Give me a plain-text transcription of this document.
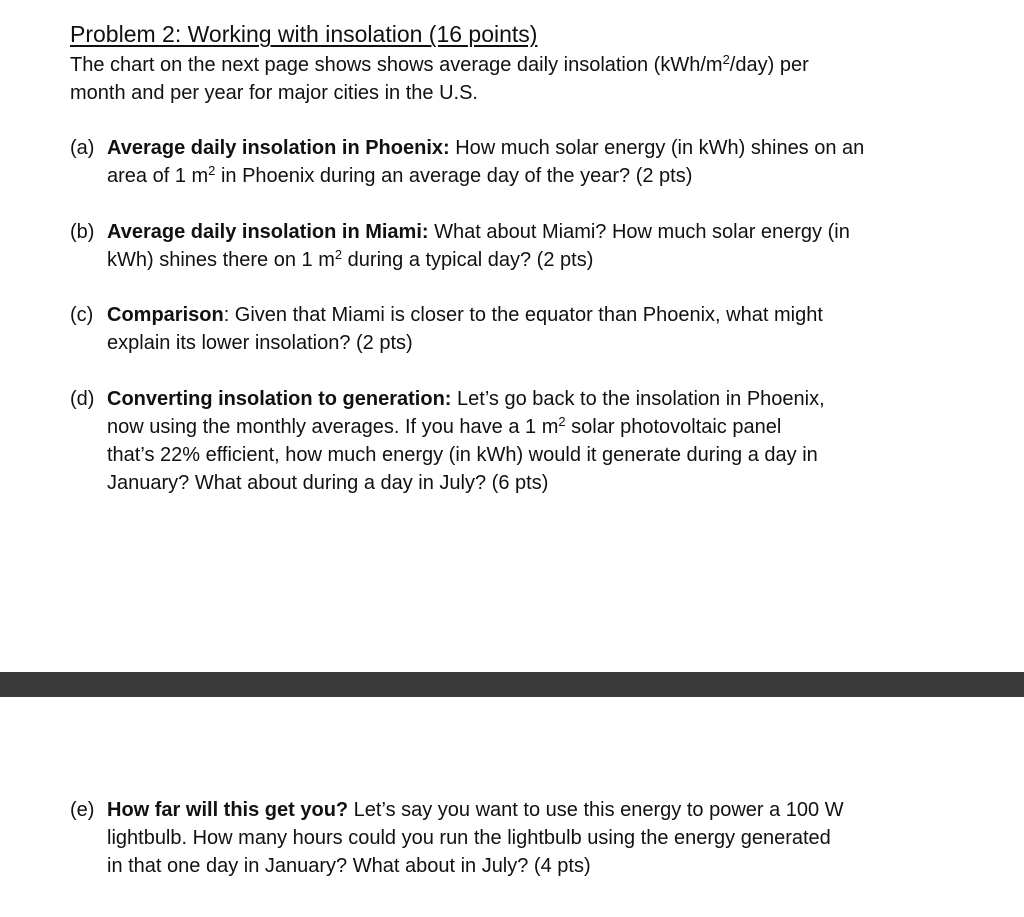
Problem 2: Working with insolation (16 points)
The chart on the next page shows shows average daily insolation $(kWh/m^2/day)$ per
month and per year for major cities in the U.S.
(a) Average daily insolation in Phoenix: How much solar energy (in kWh) shines on an
area of 1 $m^2$ in Phoenix during an average day of the year? (2 pts)
(b) Average daily insolation in Miami: What about Miami? How much solar energy (in
kWh) shines there on 1 $m^2$ during a typical day? (2 pts)
(c) Comparison: Given that Miami is closer to the equator than Phoenix, what might
explain its lower insolation? (2 pts)
(d) Converting insolation to generation: Let’s go back to the insolation in Phoenix,
now using the monthly averages. If you have a 1 $m^2$ solar photovoltaic panel
that’s 22% efficient, how much energy (in kWh) would it generate during a day in
January? What about during a day in July? (6 pts)
(e) How far will this get you? Let’s say you want to use this energy to power a 100 W
lightbulb. How many hours could you run the lightbulb using the energy generated
in that one day in January? What about in July? (4 pts)
